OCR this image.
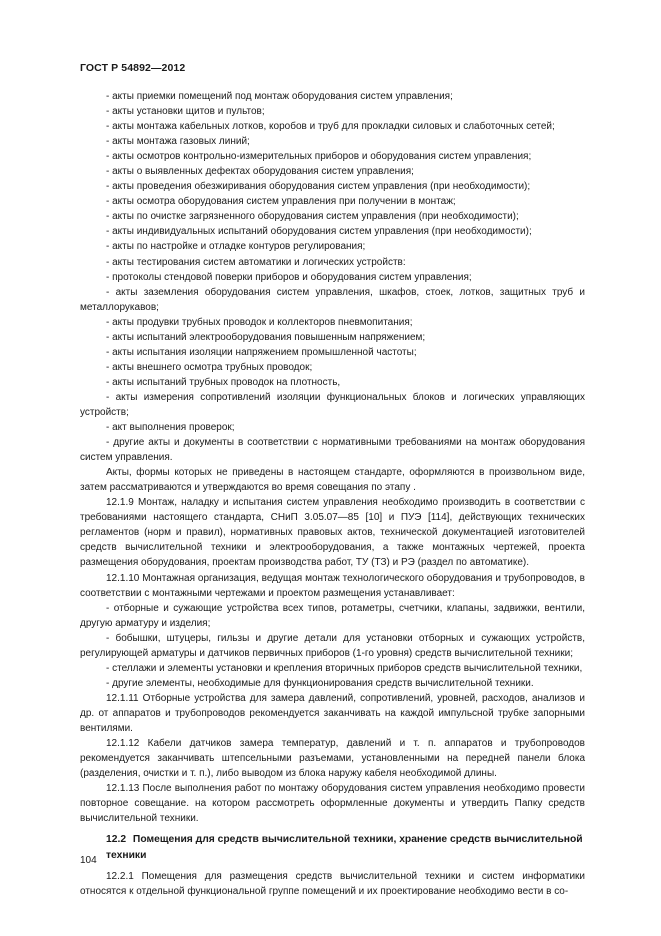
ГОСТ Р 54892—2012

- акты приемки помещений под монтаж оборудования систем управления;

- акты установки щитов и пультов;

- акты монтажа кабельных лотков, коробов и труб для прокладки силовых и слаботочных сетей;

- акты монтажа газовых линий;

- акты осмотров контрольно-измерительных приборов и оборудования систем управления;

- акты о выявленных дефектах оборудования систем управления;

- акты проведения обезжиривания оборудования систем управления (при необходимости);

- акты осмотра оборудования систем управления при получении в монтаж;

- акты по очистке загрязненного оборудования систем управления (при необходимости);

- акты индивидуальных испытаний оборудования систем управления (при необходимости);

- акты по настройке и отладке контуров регулирования;

- акты тестирования систем автоматики и логических устройств:

- протоколы стендовой поверки приборов и оборудования систем управления;

- акты заземления оборудования систем управления, шкафов, стоек, лотков, защитных труб и металлорукавов;

- акты продувки трубных проводок и коллекторов пневмопитания;

- акты испытаний электрооборудования повышенным напряжением;

- акты испытания изоляции напряжением промышленной частоты;

- акты внешнего осмотра трубных проводок;

- акты испытаний трубных проводок на плотность,

- акты измерения сопротивлений изоляции функциональных блоков и логических управляющих устройств;

- акт выполнения проверок;

- другие акты и документы в соответствии с нормативными требованиями на монтаж оборудования систем управления.

Акты, формы которых не приведены в настоящем стандарте, оформляются в произвольном виде, затем рассматриваются и утверждаются во время совещания по этапу .

12.1.9 Монтаж, наладку и испытания систем управления необходимо производить в соответствии с требованиями настоящего стандарта, СНиП 3.05.07—85 [10] и ПУЭ [114], действующих технических регламентов (норм и правил), нормативных правовых актов, технической документацией изготовителей средств вычислительной техники и электрооборудования, а также монтажных чертежей, проекта размещения оборудования, проектам производства работ, ТУ (ТЗ) и РЭ (раздел по автоматике).

12.1.10 Монтажная организация, ведущая монтаж технологического оборудования и трубопроводов, в соответствии с монтажными чертежами и проектом размещения устанавливает:

- отборные и сужающие устройства всех типов, ротаметры, счетчики, клапаны, задвижки, вентили, другую арматуру и изделия;

- бобышки, штуцеры, гильзы и другие детали для установки отборных и сужающих устройств, регулирующей арматуры и датчиков первичных приборов (1-го уровня) средств вычислительной техники;

- стеллажи и элементы установки и крепления вторичных приборов средств вычислительной техники,

- другие элементы, необходимые для функционирования средств вычислительной техники.

12.1.11 Отборные устройства для замера давлений, сопротивлений, уровней, расходов, анализов и др. от аппаратов и трубопроводов рекомендуется заканчивать на каждой импульсной трубке запорными вентилями.

12.1.12 Кабели датчиков замера температур, давлений и т. п. аппаратов и трубопроводов рекомендуется заканчивать штепсельными разъемами, установленными на передней панели блока (разделения, очистки и т. п.), либо выводом из блока наружу кабеля необходимой длины.

12.1.13 После выполнения работ по монтажу оборудования систем управления необходимо провести повторное совещание. на котором рассмотреть оформленные документы и утвердить Папку средств вычислительной техники.

12.2 Помещения для средств вычислительной техники, хранение средств вычислительной техники

12.2.1 Помещения для размещения средств вычислительной техники и систем информатики относятся к отдельной функциональной группе помещений и их проектирование необходимо вести в со-

104
